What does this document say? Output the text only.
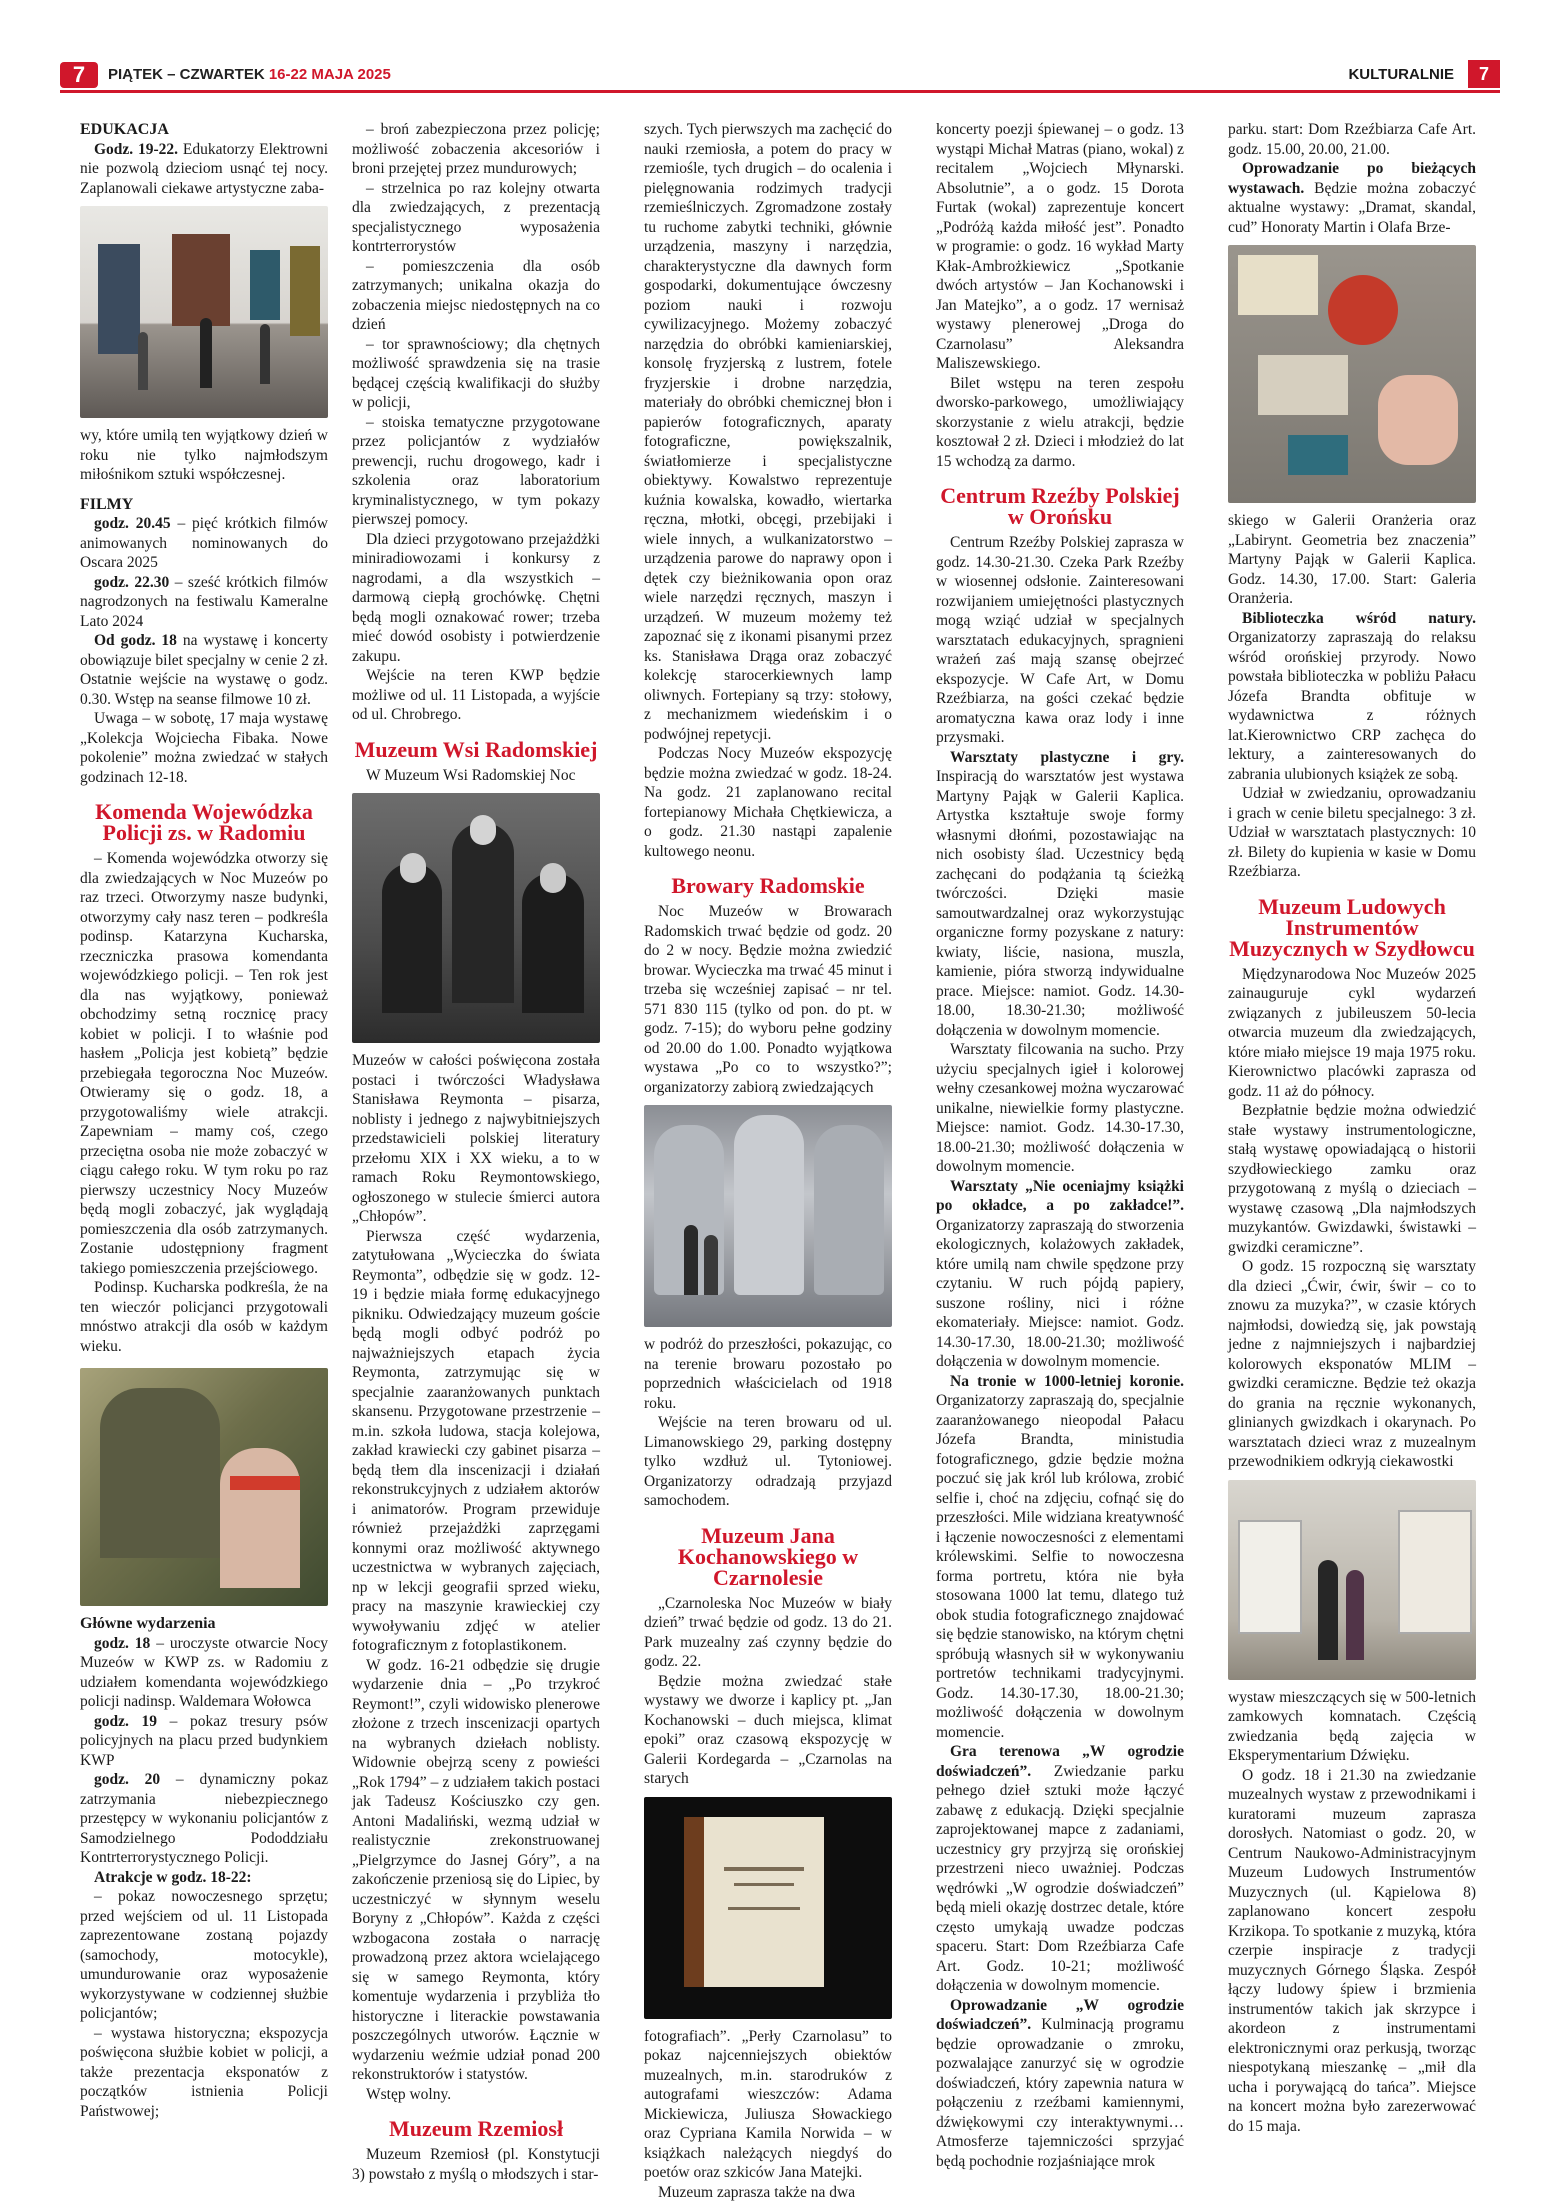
7	PIĄTEK – CZWARTEK 16-22 MAJA 2025	KULTURALNIE	7
EDUKACJA

Godz. 19-22. Edukatorzy Elektrowni nie pozwolą dzieciom usnąć tej nocy. Zaplanowali ciekawe artystyczne zaba-

wy, które umilą ten wyjątkowy dzień w roku nie tylko najmłodszym miłośnikom sztuki współczesnej.

FILMY

godz. 20.45 – pięć krótkich filmów animowanych nominowanych do Oscara 2025

godz. 22.30 – sześć krótkich filmów nagrodzonych na festiwalu Kameralne Lato 2024

Od godz. 18 na wystawę i koncerty obowiązuje bilet specjalny w cenie 2 zł. Ostatnie wejście na wystawę o godz. 0.30. Wstęp na seanse filmowe 10 zł.

Uwaga – w sobotę, 17 maja wystawę „Kolekcja Wojciecha Fibaka. Nowe pokolenie” można zwiedzać w stałych godzinach 12-18.

Komenda Wojewódzka Policji zs. w Radomiu

– Komenda wojewódzka otworzy się dla zwiedzających w Noc Muzeów po raz trzeci. Otworzymy nasze budynki, otworzymy cały nasz teren – podkreśla podinsp. Katarzyna Kucharska, rzeczniczka prasowa komendanta wojewódzkiego policji. – Ten rok jest dla nas wyjątkowy, ponieważ obchodzimy setną rocznicę pracy kobiet w policji. I to właśnie pod hasłem „Policja jest kobietą” będzie przebiegała tegoroczna Noc Muzeów. Otwieramy się o godz. 18, a przygotowaliśmy wiele atrakcji. Zapewniam – mamy coś, czego przeciętna osoba nie może zobaczyć w ciągu całego roku. W tym roku po raz pierwszy uczestnicy Nocy Muzeów będą mogli zobaczyć, jak wyglądają pomieszczenia dla osób zatrzymanych. Zostanie udostępniony fragment takiego pomieszczenia przejściowego.

Podinsp. Kucharska podkreśla, że na ten wieczór policjanci przygotowali mnóstwo atrakcji dla osób w każdym wieku.

Główne wydarzenia

godz. 18 – uroczyste otwarcie Nocy Muzeów w KWP zs. w Radomiu z udziałem komendanta wojewódzkiego policji nadinsp. Waldemara Wołowca

godz. 19 – pokaz tresury psów policyjnych na placu przed budynkiem KWP

godz. 20 – dynamiczny pokaz zatrzymania niebezpiecznego przestępcy w wykonaniu policjantów z Samodzielnego Pododdziału Kontrterrorystycznego Policji.

Atrakcje w godz. 18-22:

– pokaz nowoczesnego sprzętu; przed wejściem od ul. 11 Listopada zaprezentowane zostaną pojazdy (samochody, motocykle), umundurowanie oraz wyposażenie wykorzystywane w codziennej służbie policjantów;

– wystawa historyczna; ekspozycja poświęcona służbie kobiet w policji, a także prezentacja eksponatów z początków istnienia Policji Państwowej;

– broń zabezpieczona przez policję; możliwość zobaczenia akcesoriów i broni przejętej przez mundurowych;

– strzelnica po raz kolejny otwarta dla zwiedzających, z prezentacją specjalistycznego wyposażenia kontrterrorystów

– pomieszczenia dla osób zatrzymanych; unikalna okazja do zobaczenia miejsc niedostępnych na co dzień

– tor sprawnościowy; dla chętnych możliwość sprawdzenia się na trasie będącej częścią kwalifikacji do służby w policji,

– stoiska tematyczne przygotowane przez policjantów z wydziałów prewencji, ruchu drogowego, kadr i szkolenia oraz laboratorium kryminalistycznego, w tym pokazy pierwszej pomocy.

Dla dzieci przygotowano przejażdżki miniradiowozami i konkursy z nagrodami, a dla wszystkich – darmową ciepłą grochówkę. Chętni będą mogli oznakować rower; trzeba mieć dowód osobisty i potwierdzenie zakupu.

Wejście na teren KWP będzie możliwe od ul. 11 Listopada, a wyjście od ul. Chrobrego.

Muzeum Wsi Radomskiej

W Muzeum Wsi Radomskiej Noc

Muzeów w całości poświęcona została postaci i twórczości Władysława Stanisława Reymonta – pisarza, noblisty i jednego z najwybitniejszych przedstawicieli polskiej literatury przełomu XIX i XX wieku, a to w ramach Roku Reymontowskiego, ogłoszonego w stulecie śmierci autora „Chłopów”.

Pierwsza część wydarzenia, zatytułowana „Wycieczka do świata Reymonta”, odbędzie się w godz. 12-19 i będzie miała formę edukacyjnego pikniku. Odwiedzający muzeum goście będą mogli odbyć podróż po najważniejszych etapach życia Reymonta, zatrzymując się w specjalnie zaaranżowanych punktach skansenu. Przygotowane przestrzenie – m.in. szkoła ludowa, stacja kolejowa, zakład krawiecki czy gabinet pisarza – będą tłem dla inscenizacji i działań rekonstrukcyjnych z udziałem aktorów i animatorów. Program przewiduje również przejażdżki zaprzęgami konnymi oraz możliwość aktywnego uczestnictwa w wybranych zajęciach, np w lekcji geografii sprzed wieku, pracy na maszynie krawieckiej czy wywoływaniu zdjęć w atelier fotograficznym z fotoplastikonem.

W godz. 16-21 odbędzie się drugie wydarzenie dnia – „Po trzykroć Reymont!”, czyli widowisko plenerowe złożone z trzech inscenizacji opartych na wybranych dziełach noblisty. Widownie obejrzą sceny z powieści „Rok 1794” – z udziałem takich postaci jak Tadeusz Kościuszko czy gen. Antoni Madaliński, wezmą udział w realistycznie zrekonstruowanej „Pielgrzymce do Jasnej Góry”, a na zakończenie przeniosą się do Lipiec, by uczestniczyć w słynnym weselu Boryny z „Chłopów”. Każda z części wzbogacona została o narrację prowadzoną przez aktora wcielającego się w samego Reymonta, który komentuje wydarzenia i przybliża tło historyczne i literackie powstawania poszczególnych utworów. Łącznie w wydarzeniu weźmie udział ponad 200 rekonstruktorów i statystów.

Wstęp wolny.

Muzeum Rzemiosł

Muzeum Rzemiosł (pl. Konstytucji 3) powstało z myślą o młodszych i star-

szych. Tych pierwszych ma zachęcić do nauki rzemiosła, a potem do pracy w rzemiośle, tych drugich – do ocalenia i pielęgnowania rodzimych tradycji rzemieślniczych. Zgromadzone zostały tu ruchome zabytki techniki, głównie urządzenia, maszyny i narzędzia, charakterystyczne dla dawnych form gospodarki, dokumentujące ówczesny poziom nauki i rozwoju cywilizacyjnego. Możemy zobaczyć narzędzia do obróbki kamieniarskiej, konsolę fryzjerską z lustrem, fotele fryzjerskie i drobne narzędzia, materiały do obróbki chemicznej błon i papierów fotograficznych, aparaty fotograficzne, powiększalnik, światłomierze i specjalistyczne obiektywy. Kowalstwo reprezentuje kuźnia kowalska, kowadło, wiertarka ręczna, młotki, obcęgi, przebijaki i wiele innych, a wulkanizatorstwo – urządzenia parowe do naprawy opon i dętek czy bieżnikowania opon oraz wiele narzędzi ręcznych, maszyn i urządzeń. W muzeum możemy też zapoznać się z ikonami pisanymi przez ks. Stanisława Drąga oraz zobaczyć kolekcję starocerkiewnych lamp oliwnych. Fortepiany są trzy: stołowy, z mechanizmem wiedeńskim i o podwójnej repetycji.

Podczas Nocy Muzeów ekspozycję będzie można zwiedzać w godz. 18-24. Na godz. 21 zaplanowano recital fortepianowy Michała Chętkiewicza, a o godz. 21.30 nastąpi zapalenie kultowego neonu.

Browary Radomskie

Noc Muzeów w Browarach Radomskich trwać będzie od godz. 20 do 2 w nocy. Będzie można zwiedzić browar. Wycieczka ma trwać 45 minut i trzeba się wcześniej zapisać – nr tel. 571 830 115 (tylko od pon. do pt. w godz. 7-15); do wyboru pełne godziny od 20.00 do 1.00. Ponadto wyjątkowa wystawa „Po co to wszystko?”; organizatorzy zabiorą zwiedzających

w podróż do przeszłości, pokazując, co na terenie browaru pozostało po poprzednich właścicielach od 1918 roku.

Wejście na teren browaru od ul. Limanowskiego 29, parking dostępny tylko wzdłuż ul. Tytoniowej. Organizatorzy odradzają przyjazd samochodem.

Muzeum Jana Kochanowskiego w Czarnolesie

„Czarnoleska Noc Muzeów w biały dzień” trwać będzie od godz. 13 do 21. Park muzealny zaś czynny będzie do godz. 22.

Będzie można zwiedzać stałe wystawy we dworze i kaplicy pt. „Jan Kochanowski – duch miejsca, klimat epoki” oraz czasową ekspozycję w Galerii Kordegarda – „Czarnolas na starych

fotografiach”. „Perły Czarnolasu” to pokaz najcenniejszych obiektów muzealnych, m.in. starodruków z autografami wieszczów: Adama Mickiewicza, Juliusza Słowackiego oraz Cypriana Kamila Norwida – w książkach należących niegdyś do poetów oraz szkiców Jana Matejki.

Muzeum zaprasza także na dwa

koncerty poezji śpiewanej – o godz. 13 wystąpi Michał Matras (piano, wokal) z recitalem „Wojciech Młynarski. Absolutnie”, a o godz. 15 Dorota Furtak (wokal) zaprezentuje koncert „Podróżą każda miłość jest”. Ponadto w programie: o godz. 16 wykład Marty Kłak-Ambrożkiewicz „Spotkanie dwóch artystów – Jan Kochanowski i Jan Matejko”, a o godz. 17 wernisaż wystawy plenerowej „Droga do Czarnolasu” Aleksandra Maliszewskiego.

Bilet wstępu na teren zespołu dworsko-parkowego, umożliwiający skorzystanie z wielu atrakcji, będzie kosztował 2 zł. Dzieci i młodzież do lat 15 wchodzą za darmo.

Centrum Rzeźby Polskiej w Orońsku

Centrum Rzeźby Polskiej zaprasza w godz. 14.30-21.30. Czeka Park Rzeźby w wiosennej odsłonie. Zainteresowani rozwijaniem umiejętności plastycznych mogą wziąć udział w specjalnych warsztatach edukacyjnych, spragnieni wrażeń zaś mają szansę obejrzeć ekspozycje. W Cafe Art, w Domu Rzeźbiarza, na gości czekać będzie aromatyczna kawa oraz lody i inne przysmaki.

Warsztaty plastyczne i gry. Inspiracją do warsztatów jest wystawa Martyny Pająk w Galerii Kaplica. Artystka kształtuje swoje formy własnymi dłońmi, pozostawiając na nich osobisty ślad. Uczestnicy będą zachęcani do podążania tą ścieżką twórczości. Dzięki masie samoutwardzalnej oraz wykorzystując organiczne formy pozyskane z natury: kwiaty, liście, nasiona, muszla, kamienie, pióra stworzą indywidualne prace. Miejsce: namiot. Godz. 14.30-18.00, 18.30-21.30; możliwość dołączenia w dowolnym momencie.

Warsztaty filcowania na sucho. Przy użyciu specjalnych igieł i kolorowej wełny czesankowej można wyczarować unikalne, niewielkie formy plastyczne. Miejsce: namiot. Godz. 14.30-17.30, 18.00-21.30; możliwość dołączenia w dowolnym momencie.

Warsztaty „Nie oceniajmy książki po okładce, a po zakładce!”. Organizatorzy zapraszają do stworzenia ekologicznych, kolażowych zakładek, które umilą nam chwile spędzone przy czytaniu. W ruch pójdą papiery, suszone rośliny, nici i różne ekomateriały. Miejsce: namiot. Godz. 14.30-17.30, 18.00-21.30; możliwość dołączenia w dowolnym momencie.

Na tronie w 1000-letniej koronie. Organizatorzy zapraszają do, specjalnie zaaranżowanego nieopodal Pałacu Józefa Brandta, ministudia fotograficznego, gdzie będzie można poczuć się jak król lub królowa, zrobić selfie i, choć na zdjęciu, cofnąć się do przeszłości. Mile widziana kreatywność i łączenie nowoczesności z elementami królewskimi. Selfie to nowoczesna forma portretu, która nie była stosowana 1000 lat temu, dlatego tuż obok studia fotograficznego znajdować się będzie stanowisko, na którym chętni spróbują własnych sił w wykonywaniu portretów technikami tradycyjnymi. Godz. 14.30-17.30, 18.00-21.30; możliwość dołączenia w dowolnym momencie.

Gra terenowa „W ogrodzie doświadczeń”. Zwiedzanie parku pełnego dzieł sztuki może łączyć zabawę z edukacją. Dzięki specjalnie zaprojektowanej mapce z zadaniami, uczestnicy gry przyjrzą się orońskiej przestrzeni nieco uważniej. Podczas wędrówki „W ogrodzie doświadczeń” będą mieli okazję dostrzec detale, które często umykają uwadze podczas spaceru. Start: Dom Rzeźbiarza Cafe Art. Godz. 10-21; możliwość dołączenia w dowolnym momencie.

Oprowadzanie „W ogrodzie doświadczeń”. Kulminacją programu będzie oprowadzanie o zmroku, pozwalające zanurzyć się w ogrodzie doświadczeń, który zapewnia natura w połączeniu z rzeźbami kamiennymi, dźwiękowymi czy interaktywnymi… Atmosferze tajemniczości sprzyjać będą pochodnie rozjaśniające mrok

parku. start: Dom Rzeźbiarza Cafe Art. godz. 15.00, 20.00, 21.00.

Oprowadzanie po bieżących wystawach. Będzie można zobaczyć aktualne wystawy: „Dramat, skandal, cud” Honoraty Martin i Olafa Brze-

skiego w Galerii Oranżeria oraz „Labirynt. Geometria bez znaczenia” Martyny Pająk w Galerii Kaplica. Godz. 14.30, 17.00. Start: Galeria Oranżeria.

Biblioteczka wśród natury. Organizatorzy zapraszają do relaksu wśród orońskiej przyrody. Nowo powstała biblioteczka w pobliżu Pałacu Józefa Brandta obfituje w wydawnictwa z różnych lat.Kierownictwo CRP zachęca do lektury, a zainteresowanych do zabrania ulubionych książek ze sobą.

Udział w zwiedzaniu, oprowadzaniu i grach w cenie biletu specjalnego: 3 zł. Udział w warsztatach plastycznych: 10 zł. Bilety do kupienia w kasie w Domu Rzeźbiarza.

Muzeum Ludowych Instrumentów Muzycznych w Szydłowcu

Międzynarodowa Noc Muzeów 2025 zainauguruje cykl wydarzeń związanych z jubileuszem 50-lecia otwarcia muzeum dla zwiedzających, które miało miejsce 19 maja 1975 roku. Kierownictwo placówki zaprasza od godz. 11 aż do północy.

Bezpłatnie będzie można odwiedzić stałe wystawy instrumentologiczne, stałą wystawę opowiadającą o historii szydłowieckiego zamku oraz przygotowaną z myślą o dzieciach – wystawę czasową „Dla najmłodszych muzykantów. Gwizdawki, świstawki – gwizdki ceramiczne”.

O godz. 15 rozpoczną się warsztaty dla dzieci „Ćwir, ćwir, świr – co to znowu za muzyka?”, w czasie których najmłodsi, dowiedzą się, jak powstają jedne z najmniejszych i najbardziej kolorowych eksponatów MLIM – gwizdki ceramiczne. Będzie też okazja do grania na ręcznie wykonanych, glinianych gwizdkach i okarynach. Po warsztatach dzieci wraz z muzealnym przewodnikiem odkryją ciekawostki

wystaw mieszczących się w 500-letnich zamkowych komnatach. Częścią zwiedzania będą zajęcia w Eksperymentarium Dźwięku.

O godz. 18 i 21.30 na zwiedzanie muzealnych wystaw z przewodnikami i kuratorami muzeum zaprasza dorosłych. Natomiast o godz. 20, w Centrum Naukowo-Administracyjnym Muzeum Ludowych Instrumentów Muzycznych (ul. Kąpielowa 8) zaplanowano koncert zespołu Krzikopa. To spotkanie z muzyką, która czerpie inspiracje z tradycji muzycznych Górnego Śląska. Zespół łączy ludowy śpiew i brzmienia instrumentów takich jak skrzypce i akordeon z instrumentami elektronicznymi oraz perkusją, tworząc niespotykaną mieszankę – „mił dla ucha i porywającą do tańca”. Miejsce na koncert można było zarezerwować do 15 maja.
